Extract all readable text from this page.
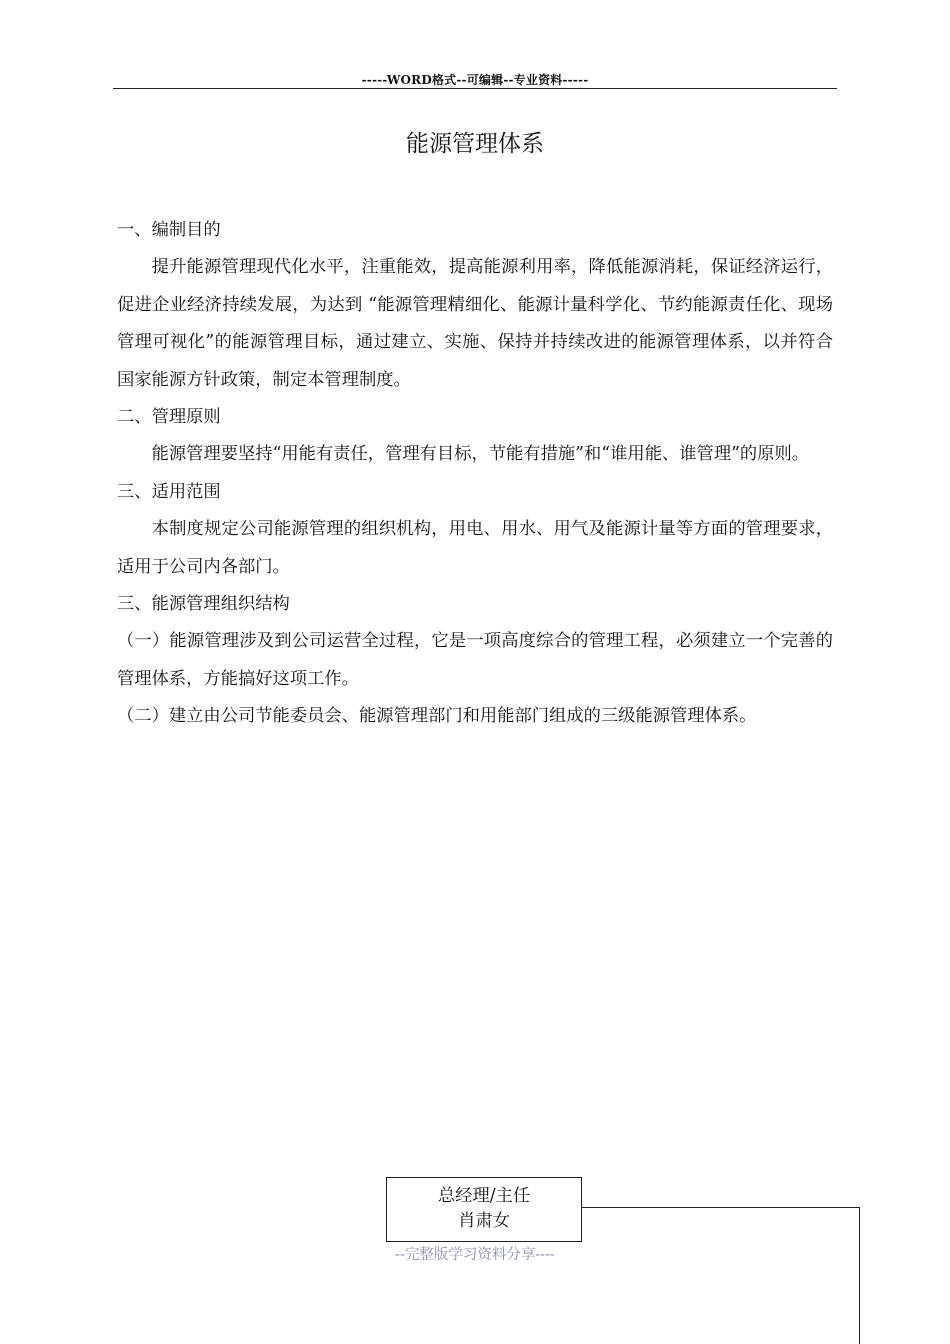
-----WORD格式--可编辑--专业资料-----
能源管理体系

一、编制目的

提升能源管理现代化水平，注重能效，提高能源利用率，降低能源消耗，保证经济运行，促进企业经济持续发展，为达到 “能源管理精细化、能源计量科学化、节约能源责任化、现场管理可视化”的能源管理目标，通过建立、实施、保持并持续改进的能源管理体系，以并符合国家能源方针政策，制定本管理制度。

二、管理原则

能源管理要坚持“用能有责任，管理有目标，节能有措施”和“谁用能、谁管理”的原则。

三、适用范围

本制度规定公司能源管理的组织机构，用电、用水、用气及能源计量等方面的管理要求，适用于公司内各部门。

三、能源管理组织结构

（一）能源管理涉及到公司运营全过程，它是一项高度综合的管理工程，必须建立一个完善的管理体系，方能搞好这项工作。

（二）建立由公司节能委员会、能源管理部门和用能部门组成的三级能源管理体系。

总经理/主任
肖肃女
--完整版学习资料分享----
